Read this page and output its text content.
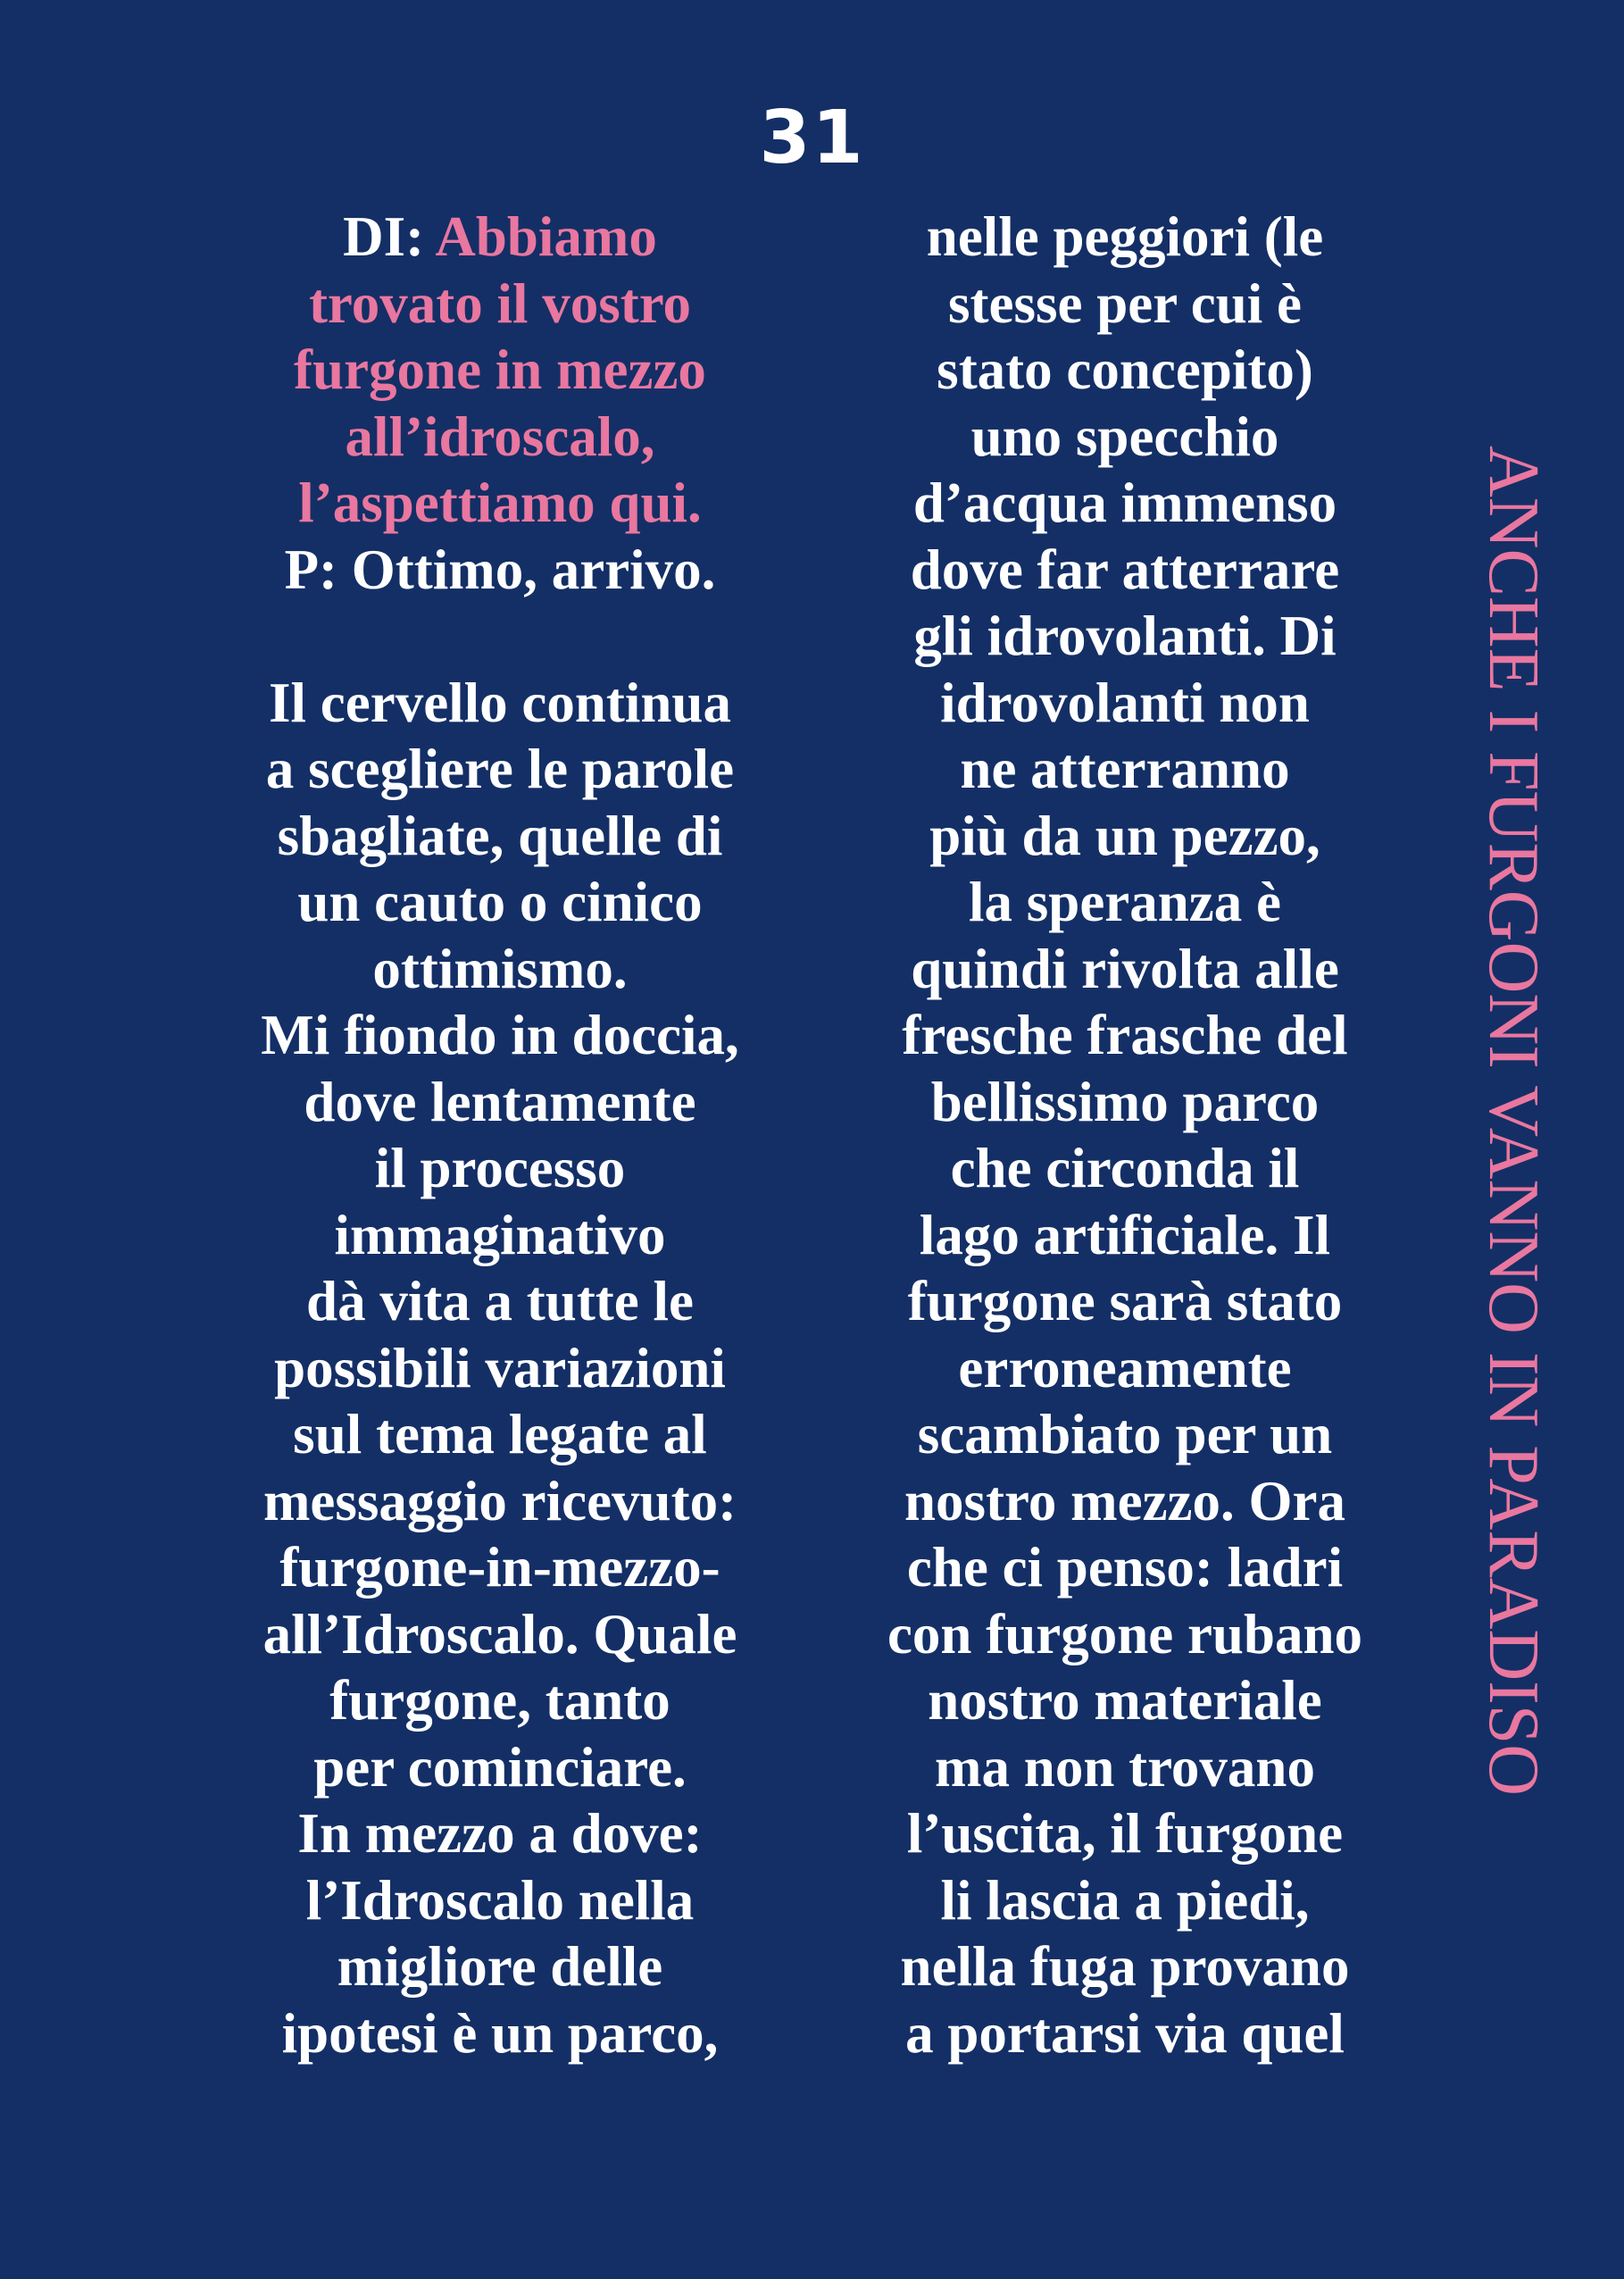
31
DI: Abbiamo
trovato il vostro
furgone in mezzo
all’idroscalo,
l’aspettiamo qui.
P: Ottimo, arrivo.
Il cervello continua
a scegliere le parole
sbagliate, quelle di
un cauto o cinico
ottimismo.
Mi fiondo in doccia,
dove lentamente
il processo
immaginativo
dà vita a tutte le
possibili variazioni
sul tema legate al
messaggio ricevuto:
furgone-in-mezzo-
all’Idroscalo. Quale
furgone, tanto
per cominciare.
In mezzo a dove:
l’Idroscalo nella
migliore delle
ipotesi è un parco,
nelle peggiori (le
stesse per cui è
stato concepito)
uno specchio
d’acqua immenso
dove far atterrare
gli idrovolanti. Di
idrovolanti non
ne atterranno
più da un pezzo,
la speranza è
quindi rivolta alle
fresche frasche del
bellissimo parco
che circonda il
lago artificiale. Il
furgone sarà stato
erroneamente
scambiato per un
nostro mezzo. Ora
che ci penso: ladri
con furgone rubano
nostro materiale
ma non trovano
l’uscita, il furgone
li lascia a piedi,
nella fuga provano
a portarsi via quel
ANCHE I FURGONI VANNO IN PARADISO
